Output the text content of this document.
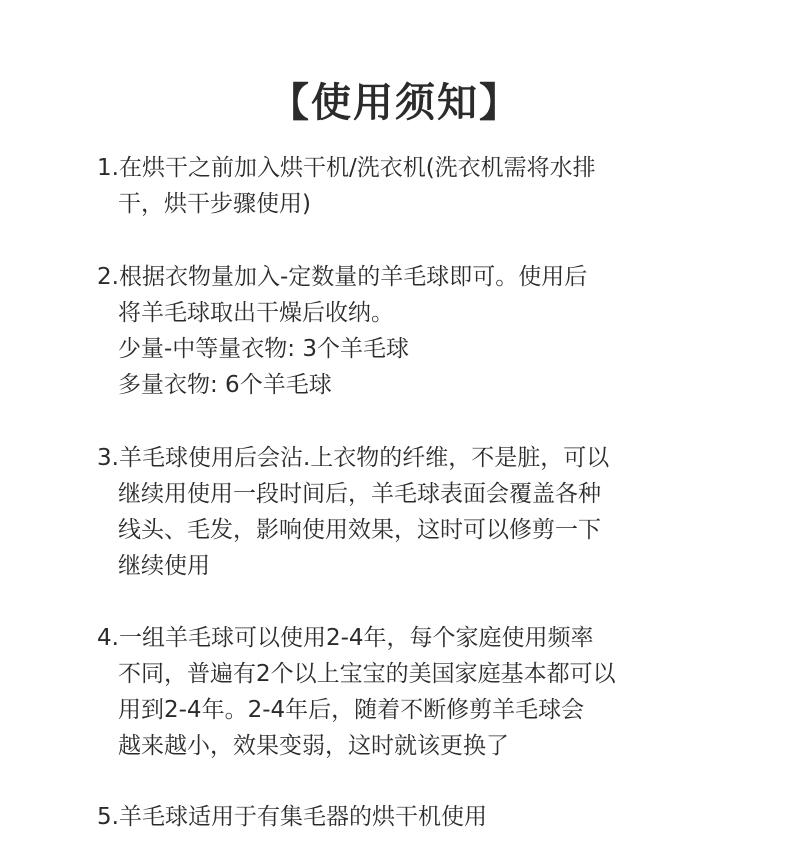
【使用须知】
1.在烘干之前加入烘干机/洗衣机(洗衣机需将水排
干，烘干步骤使用)
2.根据衣物量加入-定数量的羊毛球即可。使用后
将羊毛球取出干燥后收纳。
少量-中等量衣物: 3个羊毛球
多量衣物: 6个羊毛球
3.羊毛球使用后会沾.上衣物的纤维，不是脏，可以
继续用使用一段时间后，羊毛球表面会覆盖各种
线头、毛发，影响使用效果，这时可以修剪一下
继续使用
4.一组羊毛球可以使用2-4年，每个家庭使用频率
不同，普遍有2个以上宝宝的美国家庭基本都可以
用到2-4年。2-4年后，随着不断修剪羊毛球会
越来越小，效果变弱，这时就该更换了
5.羊毛球适用于有集毛器的烘干机使用
